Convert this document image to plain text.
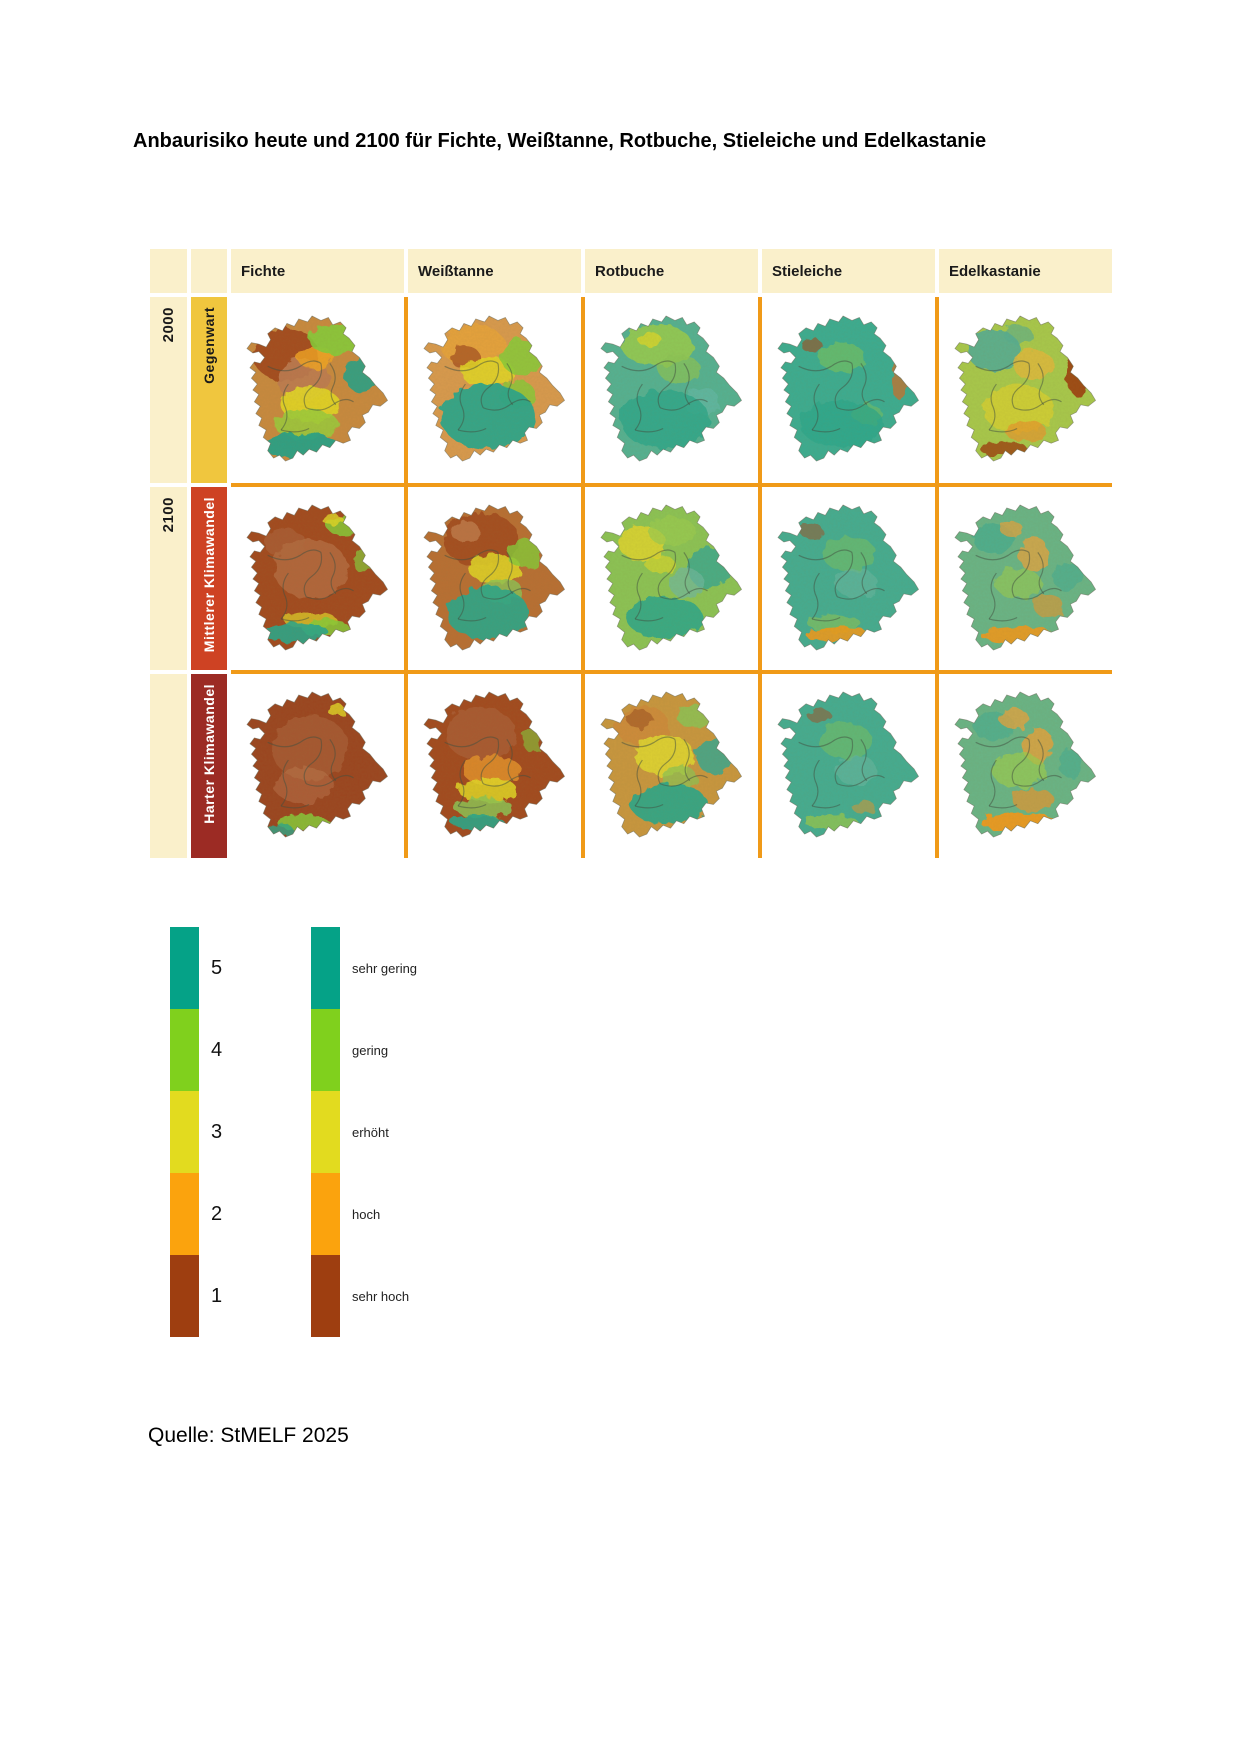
Anbaurisiko heute und 2100 für Fichte, Weißtanne, Rotbuche, Stieleiche und Edelkastanie
Fichte	Weißtanne	Rotbuche	Stieleiche	Edelkastanie
2000
2100
Gegenwart
Mittlerer Klimawandel
Harter Klimawandel
5	sehr gering
4	gering
3	erhöht
2	hoch
1	sehr hoch
Quelle: StMELF 2025
